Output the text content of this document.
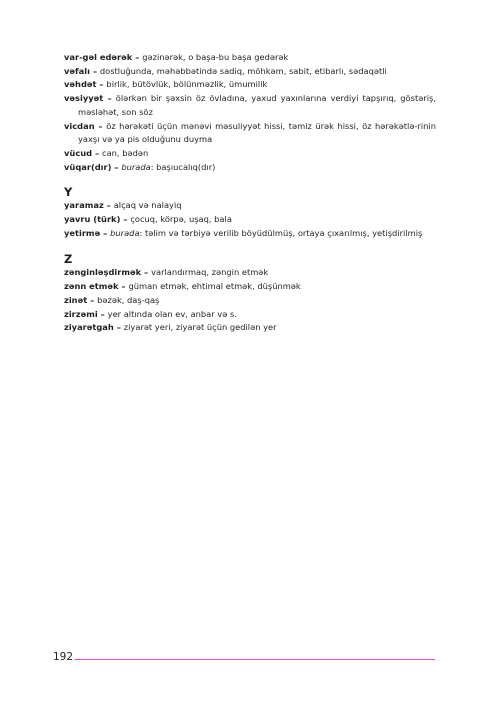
var-gəl edərək – gəzinərək, o başa-bu başa gedərək

vəfalı – dostluğunda, məhəbbətində sadiq, möhkəm, sabit, etibarlı, sədaqətli

vəhdət – birlik, bütövlük, bölünməzlik, ümumilik

vəsiyyət – ölərkən bir şəxsin öz övladına, yaxud yaxınlarına verdiyi tapşırıq, göstəriş, məsləhət, son söz

vicdan – öz hərəkəti üçün mənəvi məsuliyyət hissi, təmiz ürək hissi, öz hərəkətlə-rinin yaxşı və ya pis olduğunu duyma

vücud – can, bədən

vüqar(dır) – burada: başıucalıq(dır)

Y

yaramaz – alçaq və nalayiq

yavru (türk) – çocuq, körpə, uşaq, bala

yetirmə – burada: təlim və tərbiyə verilib böyüdülmüş, ortaya çıxarılmış, yetişdirilmiş

Z

zənginləşdirmək – varlandırmaq, zəngin etmək

zənn etmək – güman etmək, ehtimal etmək, düşünmək

zinət – bəzək, daş-qaş

zirzəmi – yer altında olan ev, anbar və s.

ziyarətgah – ziyarət yeri, ziyarət üçün gedilən yer

192
